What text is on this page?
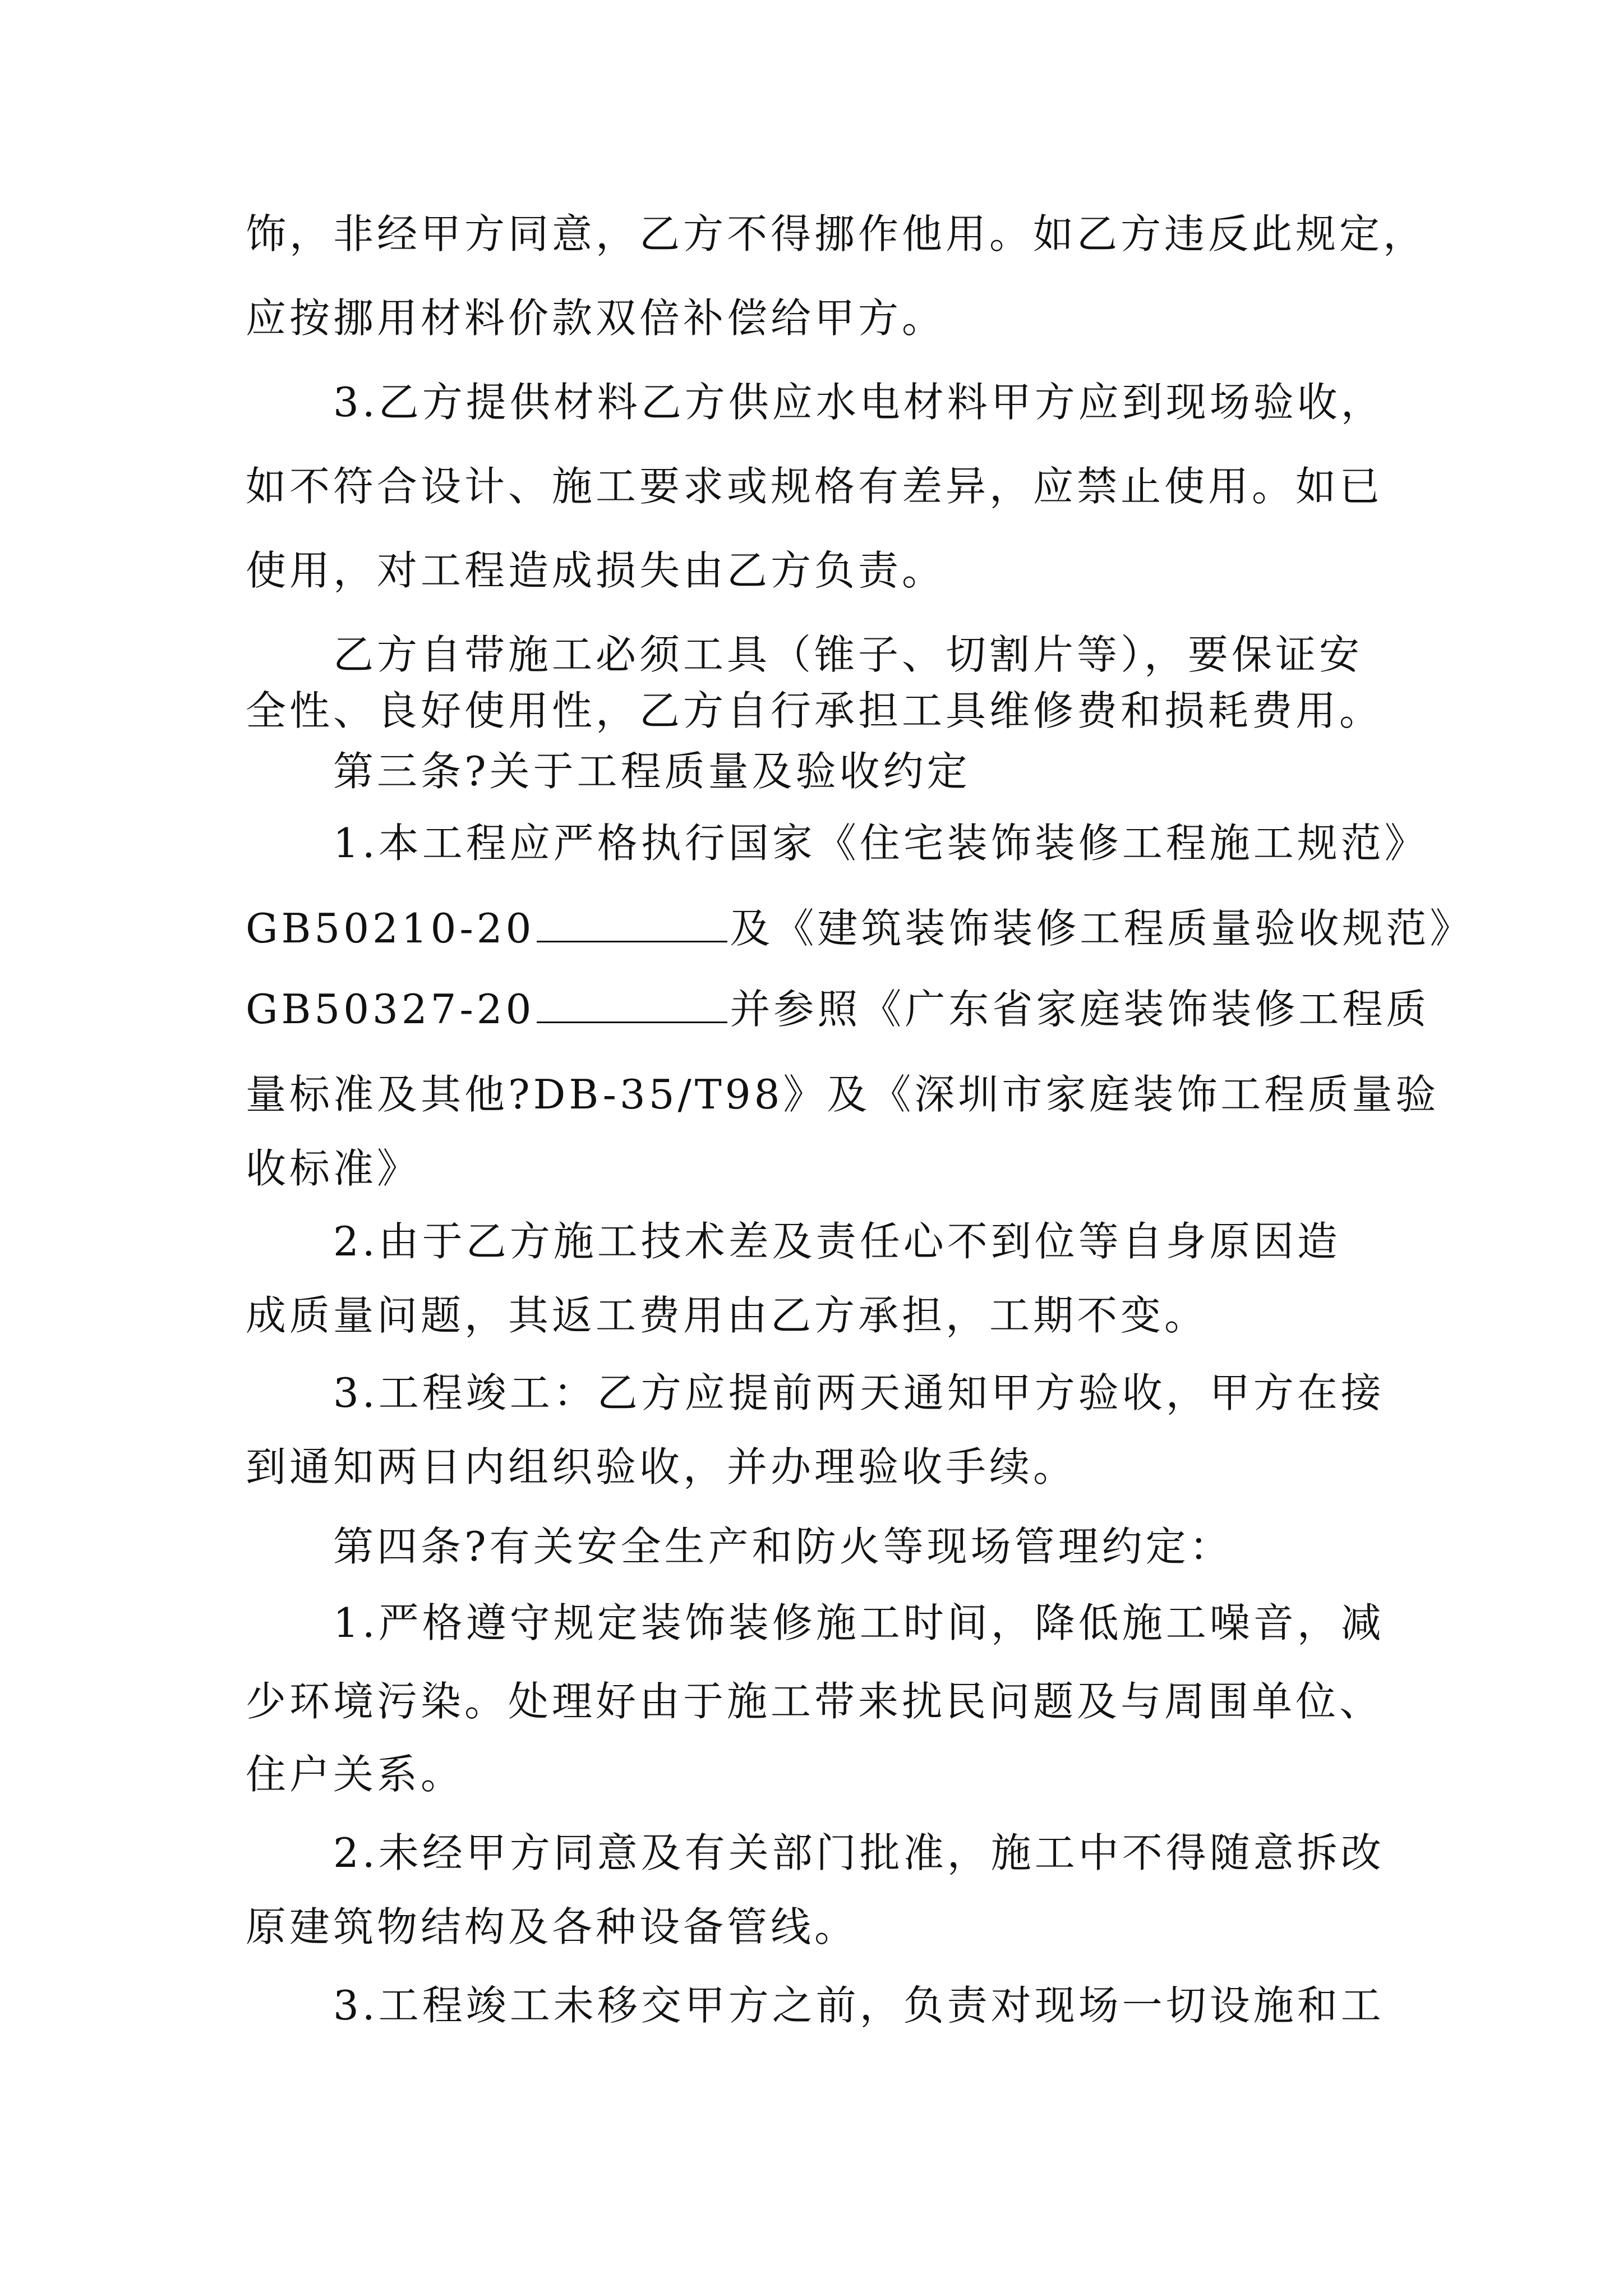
饰，非经甲方同意，乙方不得挪作他用。如乙方违反此规定，
应按挪用材料价款双倍补偿给甲方。
3.乙方提供材料乙方供应水电材料甲方应到现场验收，
如不符合设计、施工要求或规格有差异，应禁止使用。如已
使用，对工程造成损失由乙方负责。
乙方自带施工必须工具（锥子、切割片等），要保证安
全性、良好使用性，乙方自行承担工具维修费和损耗费用。
第三条?关于工程质量及验收约定
1.本工程应严格执行国家《住宅装饰装修工程施工规范》
GB50210-20	及《建筑装饰装修工程质量验收规范》
GB50327-20	并参照《广东省家庭装饰装修工程质
量标准及其他?DB-35/T98》及《深圳市家庭装饰工程质量验
收标准》
2.由于乙方施工技术差及责任心不到位等自身原因造
成质量问题，其返工费用由乙方承担，工期不变。
3.工程竣工：乙方应提前两天通知甲方验收，甲方在接
到通知两日内组织验收，并办理验收手续。
第四条?有关安全生产和防火等现场管理约定：
1.严格遵守规定装饰装修施工时间，降低施工噪音，减
少环境污染。处理好由于施工带来扰民问题及与周围单位、
住户关系。
2.未经甲方同意及有关部门批准，施工中不得随意拆改
原建筑物结构及各种设备管线。
3.工程竣工未移交甲方之前，负责对现场一切设施和工
